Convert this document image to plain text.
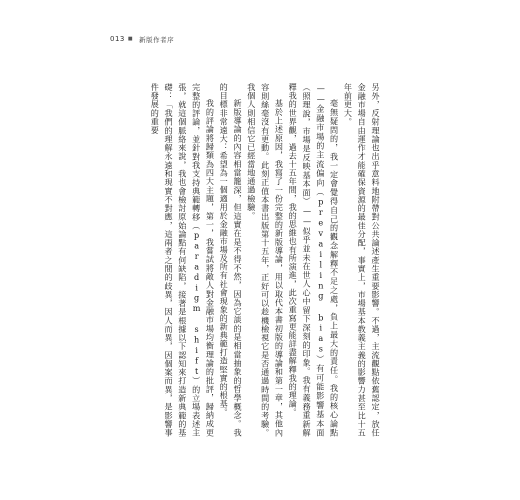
013 ■ 新版作者序

另外，反射理論也出乎意料地附帶對公共論述產生重要影響。不過，主流觀點依舊認定，放任金融市場自由運作才能確保資源的最佳分配，事實上，市場基本教義主義的影響力甚至比十五年前更大。

毫無疑問的，我一定會覺得自己的觀念解釋不足之處，負上最大的責任。我的核心論點——金融市場的主流偏向（prevailing bias）有可能影響基本面（照理說，市場是反映基本面）——似乎並未在世人心中留下深刻的印象。我有義務重新解釋我的世界觀，過去十五年間，我的思維也有所演進，此次重寫更能詳盡解釋我的理論。

基於上述原因，我寫了一份完整的新版導論，用以取代本書初版的導論和第一章，其他內容則絲毫沒有更動。此刻正值本書出版第十五年，正好可以趁機檢視它是否通過時間的考驗。我個人則相信它已經當地通過檢驗。

新版導論的內容相當籠深，但這實在是不得不然，因為它談的是相當抽象的哲學概念。我的目標非常遠大：希望為一個適用於金融市場及所有社會現象的新典範打造堅實的根基。

我的評論將歸類為四大主題，第一，我嘗試將敵人對金融市場均衡理論的批評，歸納成更完整的評論，並針對我支持典範轉移（paradigm shift）的立場表述主張，就這個脈絡來說，我也會檢討原始論點有何缺陷，接著是根據以下認知來打造新典範的基礎：「我們的理解永遠和現實不對應，這兩者之間的歧異，因人而異，因個案而異，是影響事件發展的重要
